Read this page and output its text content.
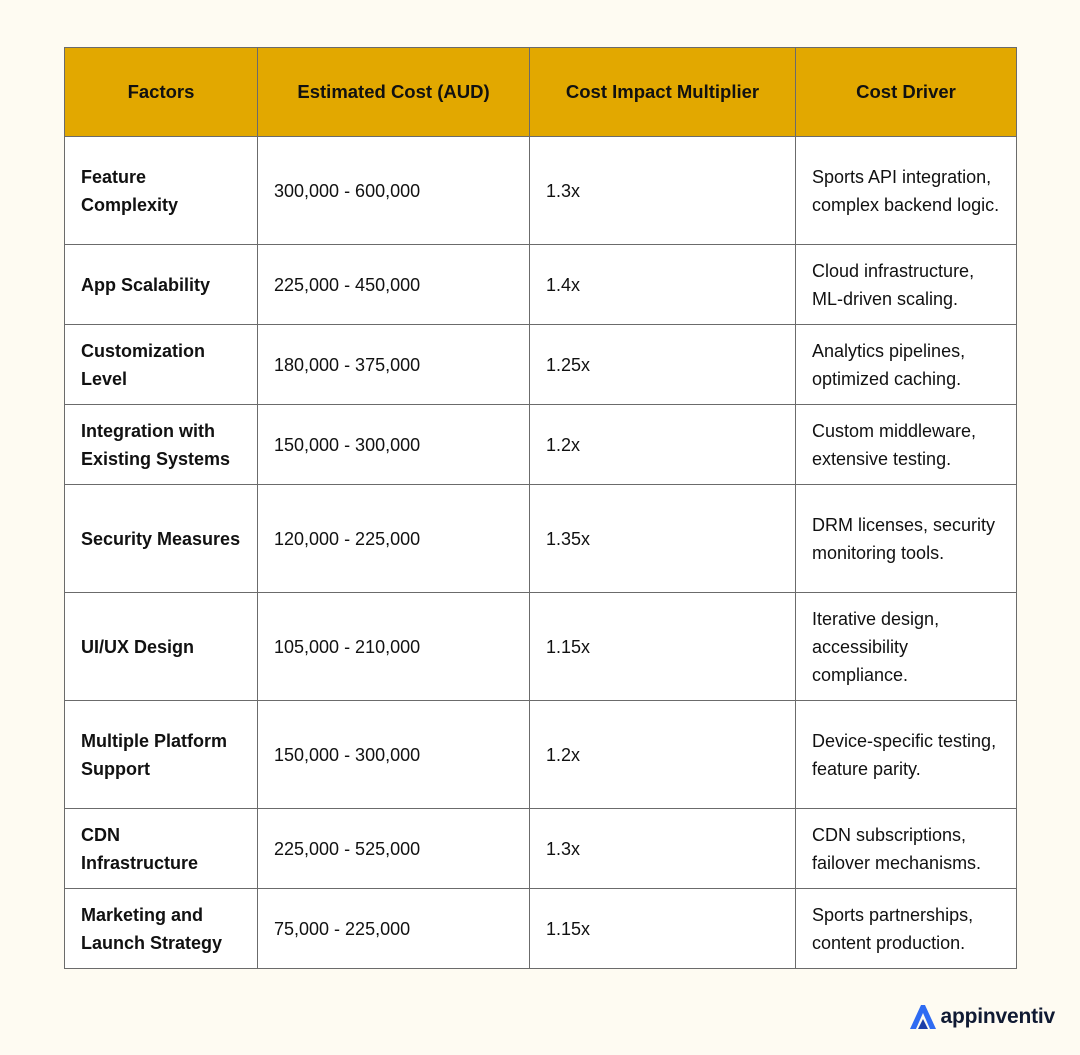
Factors	Estimated Cost (AUD)	Cost Impact Multiplier	Cost Driver
Feature Complexity	300,000 - 600,000	1.3x	Sports API integration, complex backend logic.
App Scalability	225,000 - 450,000	1.4x	Cloud infrastructure, ML-driven scaling.
Customization Level	180,000 - 375,000	1.25x	Analytics pipelines, optimized caching.
Integration with Existing Systems	150,000 - 300,000	1.2x	Custom middleware, extensive testing.
Security Measures	120,000 - 225,000	1.35x	DRM licenses, security monitoring tools.
UI/UX Design	105,000 - 210,000	1.15x	Iterative design, accessibility compliance.
Multiple Platform Support	150,000 - 300,000	1.2x	Device-specific testing, feature parity.
CDN Infrastructure	225,000 - 525,000	1.3x	CDN subscriptions, failover mechanisms.
Marketing and Launch Strategy	75,000 - 225,000	1.15x	Sports partnerships, content production.
appinventiv
